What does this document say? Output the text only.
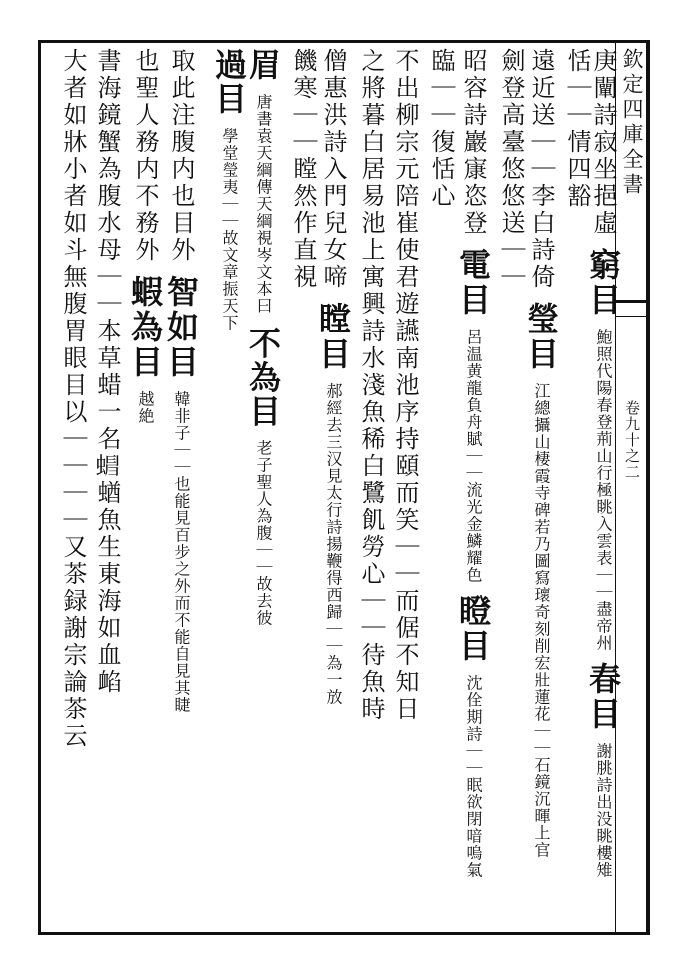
欽定四庫全書
卷九十之二
庚闡詩寂坐挹虛 窮目 鮑照代陽春登荊山行極眺入雲表｜｜盡帝州 春目 謝朓詩出没眺樓雉
恬｜｜情四豁
遠近送｜｜李白詩倚 瑩目 江總攝山棲霞寺碑若乃圖寫瓌奇刻削宏壯蓮花｜｜石鏡沉暉上官
劍登高臺悠悠送｜｜
昭容詩巖㝩恣登 電目 呂温黄龍負舟賦｜｜流光金鱗耀色 瞪目 沈佺期詩｜｜眠欲閉喑嗚氣
臨｜｜復恬心
不出柳宗元陪崔使君遊讌南池序持頤而笑｜｜而倨不知日
之將暮白居易池上寓興詩水淺魚稀白鷺飢勞心｜｜待魚時
僧惠洪詩入門兒女啼 瞠目 郝經去三汉見太行詩揚鞭得西歸｜｜為一放
饑寒｜｜瞠然作直視
眉 唐書袁天綱傳天綱視岑文本曰 不為目 老子聖人為腹｜｜故去彼
過目 學堂瑩夷｜｜故文章振天下
取此注腹内也目外 智如目 韓非子｜｜也能見百步之外而不能自見其睫
也聖人務内不務外 蝦為目 越絶
書海鏡蟹為腹水母｜｜本草蜡一名𧍺蝤魚生東海如血䘓
大者如牀小者如斗無腹胃眼目以｜｜｜｜又茶録謝宗論茶云
